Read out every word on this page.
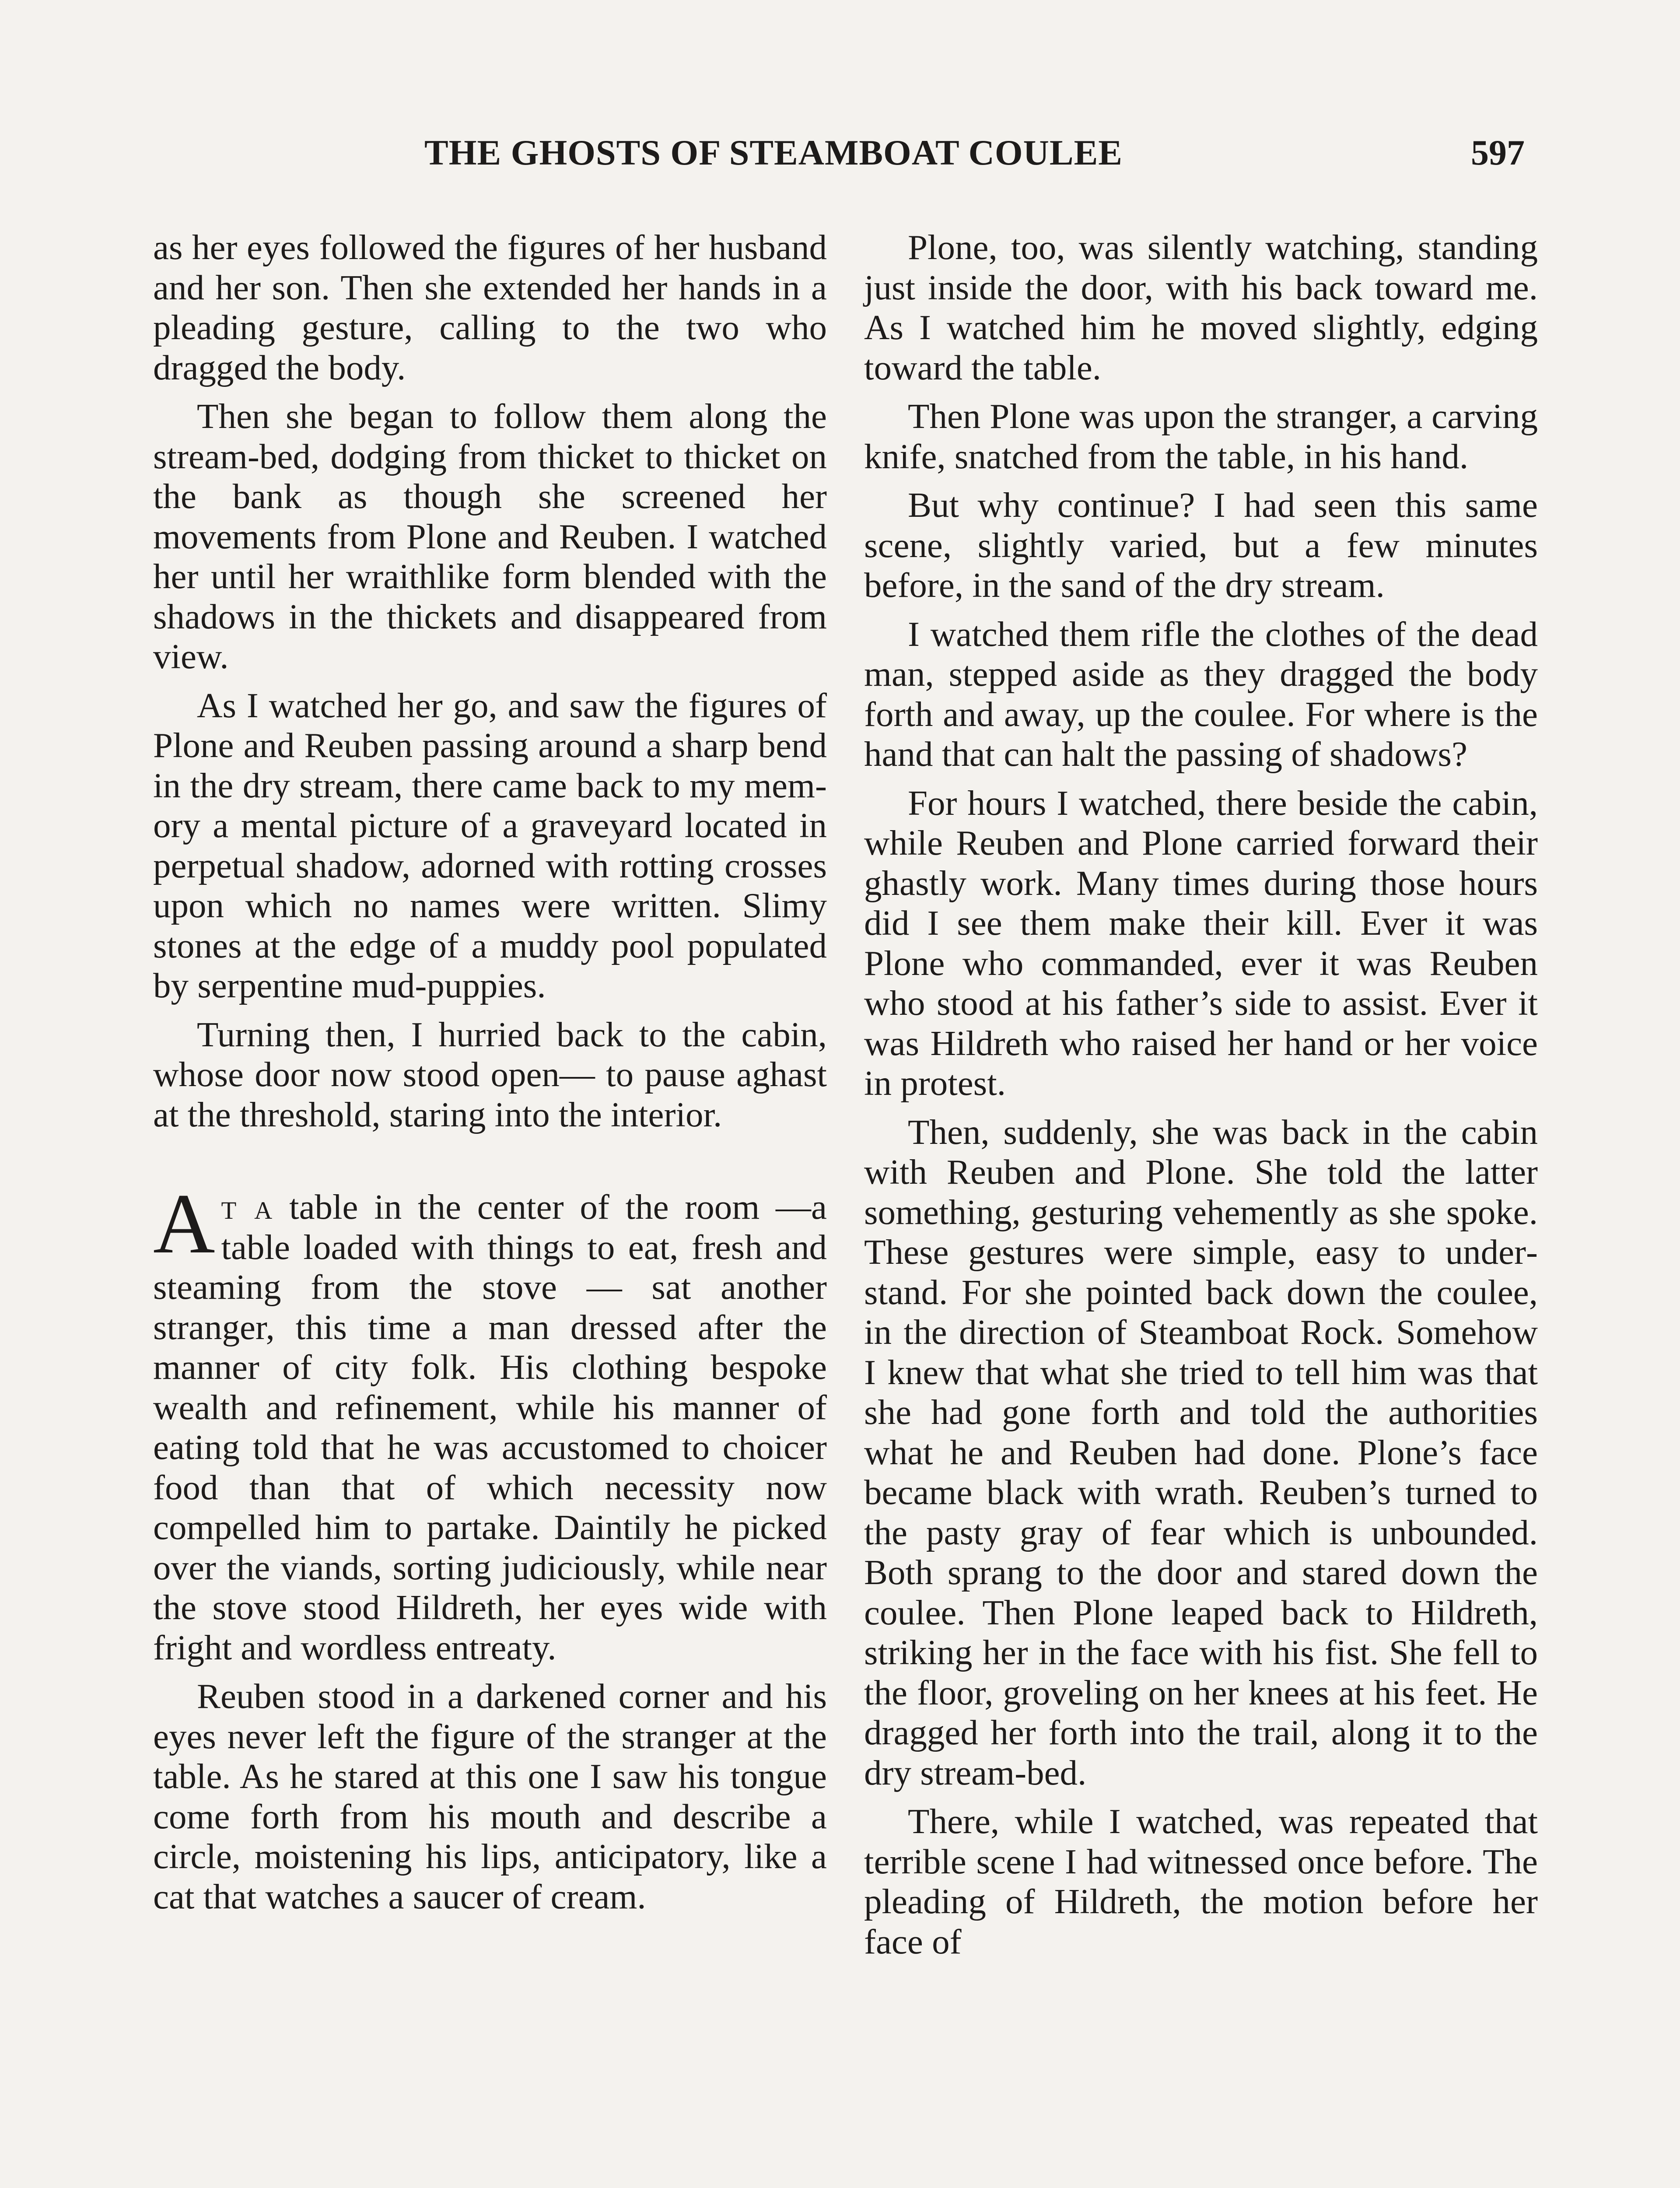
THE GHOSTS OF STEAMBOAT COULEE	597

as her eyes followed the figures of her husband and her son. Then she extended her hands in a pleading gesture, calling to the two who dragged the body.

Then she began to follow them along the stream-bed, dodging from thicket to thicket on the bank as though she screened her movements from Plone and Reuben. I watched her until her wraithlike form blended with the shadows in the thickets and disappeared from view.

As I watched her go, and saw the figures of Plone and Reuben passing around a sharp bend in the dry stream, there came back to my memory a mental picture of a graveyard located in perpetual shadow, adorned with rotting crosses upon which no names were written. Slimy stones at the edge of a muddy pool populated by serpentine mud-puppies.

Turning then, I hurried back to the cabin, whose door now stood open— to pause aghast at the threshold, staring into the interior.

At a table in the center of the room —a table loaded with things to eat, fresh and steaming from the stove — sat another stranger, this time a man dressed after the manner of city folk. His clothing bespoke wealth and refinement, while his manner of eating told that he was accustomed to choicer food than that of which necessity now compelled him to partake. Daintily he picked over the viands, sorting judiciously, while near the stove stood Hildreth, her eyes wide with fright and wordless entreaty.

Reuben stood in a darkened corner and his eyes never left the figure of the stranger at the table. As he stared at this one I saw his tongue come forth from his mouth and describe a circle, moistening his lips, anticipatory, like a cat that watches a saucer of cream.

Plone, too, was silently watching, standing just inside the door, with his back toward me. As I watched him he moved slightly, edging toward the table.

Then Plone was upon the stranger, a carving knife, snatched from the table, in his hand.

But why continue? I had seen this same scene, slightly varied, but a few minutes before, in the sand of the dry stream.

I watched them rifle the clothes of the dead man, stepped aside as they dragged the body forth and away, up the coulee. For where is the hand that can halt the passing of shadows?

For hours I watched, there beside the cabin, while Reuben and Plone carried forward their ghastly work. Many times during those hours did I see them make their kill. Ever it was Plone who commanded, ever it was Reuben who stood at his father’s side to assist. Ever it was Hildreth who raised her hand or her voice in protest.

Then, suddenly, she was back in the cabin with Reuben and Plone. She told the latter something, gesturing vehemently as she spoke. These gestures were simple, easy to understand. For she pointed back down the coulee, in the direction of Steamboat Rock. Somehow I knew that what she tried to tell him was that she had gone forth and told the authorities what he and Reuben had done. Plone’s face became black with wrath. Reuben’s turned to the pasty gray of fear which is unbounded. Both sprang to the door and stared down the coulee. Then Plone leaped back to Hildreth, striking her in the face with his fist. She fell to the floor, groveling on her knees at his feet. He dragged her forth into the trail, along it to the dry stream-bed.

There, while I watched, was repeated that terrible scene I had witnessed once before. The pleading of Hildreth, the motion before her face of
